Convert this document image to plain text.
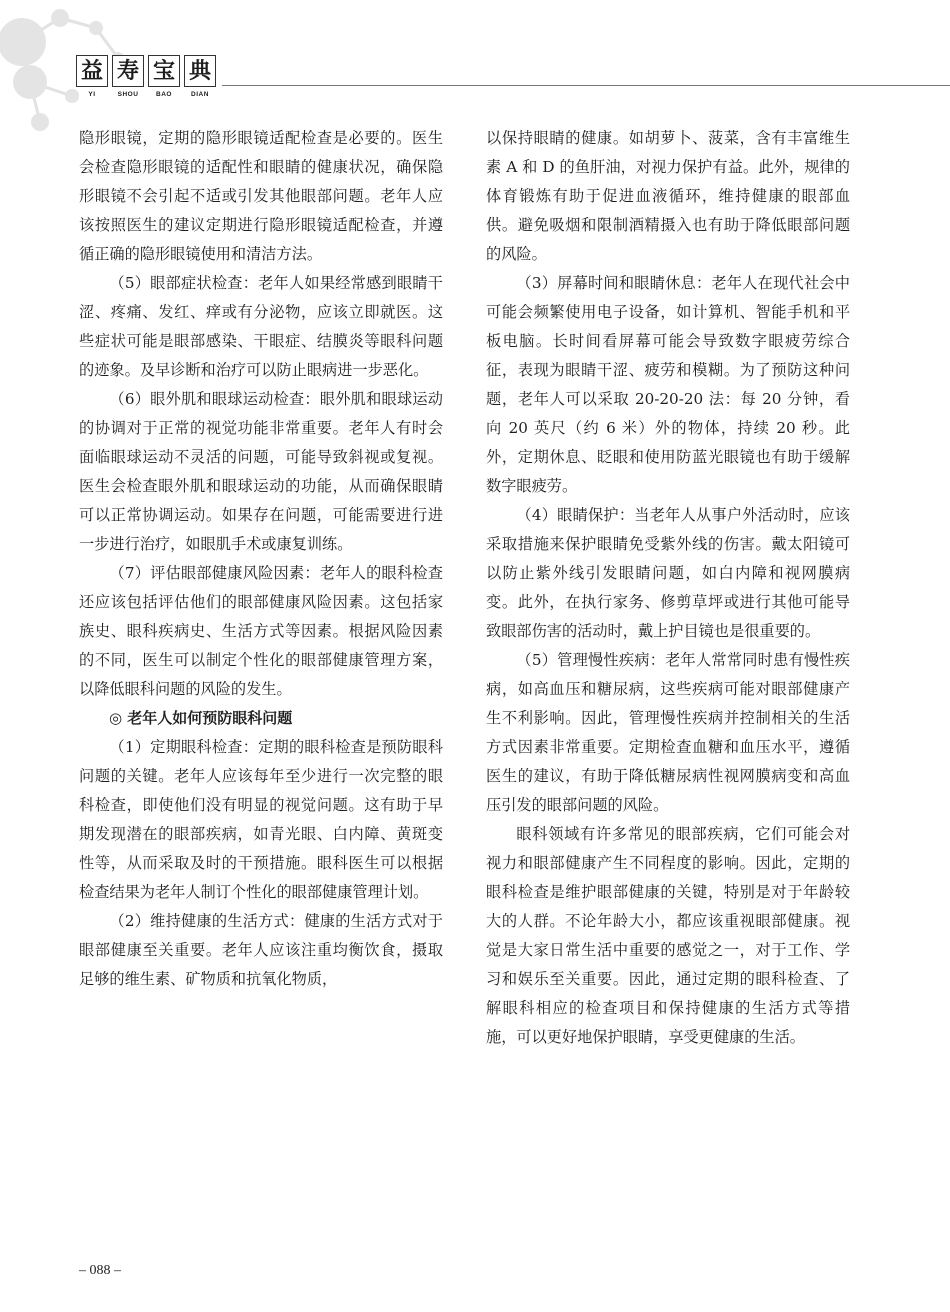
益 寿 宝 典
YI	SHOU	BAO	DIAN

隐形眼镜，定期的隐形眼镜适配检查是必要的。医生会检查隐形眼镜的适配性和眼睛的健康状况，确保隐形眼镜不会引起不适或引发其他眼部问题。老年人应该按照医生的建议定期进行隐形眼镜适配检查，并遵循正确的隐形眼镜使用和清洁方法。

（5）眼部症状检查：老年人如果经常感到眼睛干涩、疼痛、发红、痒或有分泌物，应该立即就医。这些症状可能是眼部感染、干眼症、结膜炎等眼科问题的迹象。及早诊断和治疗可以防止眼病进一步恶化。

（6）眼外肌和眼球运动检查：眼外肌和眼球运动的协调对于正常的视觉功能非常重要。老年人有时会面临眼球运动不灵活的问题，可能导致斜视或复视。医生会检查眼外肌和眼球运动的功能，从而确保眼睛可以正常协调运动。如果存在问题，可能需要进行进一步进行治疗，如眼肌手术或康复训练。

（7）评估眼部健康风险因素：老年人的眼科检查还应该包括评估他们的眼部健康风险因素。这包括家族史、眼科疾病史、生活方式等因素。根据风险因素的不同，医生可以制定个性化的眼部健康管理方案，以降低眼科问题的风险的发生。

◎ 老年人如何预防眼科问题

（1）定期眼科检查：定期的眼科检查是预防眼科问题的关键。老年人应该每年至少进行一次完整的眼科检查，即使他们没有明显的视觉问题。这有助于早期发现潜在的眼部疾病，如青光眼、白内障、黄斑变性等，从而采取及时的干预措施。眼科医生可以根据检查结果为老年人制订个性化的眼部健康管理计划。

（2）维持健康的生活方式：健康的生活方式对于眼部健康至关重要。老年人应该注重均衡饮食，摄取足够的维生素、矿物质和抗氧化物质，

以保持眼睛的健康。如胡萝卜、菠菜，含有丰富维生素 A 和 D 的鱼肝油，对视力保护有益。此外，规律的体育锻炼有助于促进血液循环，维持健康的眼部血供。避免吸烟和限制酒精摄入也有助于降低眼部问题的风险。

（3）屏幕时间和眼睛休息：老年人在现代社会中可能会频繁使用电子设备，如计算机、智能手机和平板电脑。长时间看屏幕可能会导致数字眼疲劳综合征，表现为眼睛干涩、疲劳和模糊。为了预防这种问题，老年人可以采取 20-20-20 法：每 20 分钟，看向 20 英尺（约 6 米）外的物体，持续 20 秒。此外，定期休息、眨眼和使用防蓝光眼镜也有助于缓解数字眼疲劳。

（4）眼睛保护：当老年人从事户外活动时，应该采取措施来保护眼睛免受紫外线的伤害。戴太阳镜可以防止紫外线引发眼睛问题，如白内障和视网膜病变。此外，在执行家务、修剪草坪或进行其他可能导致眼部伤害的活动时，戴上护目镜也是很重要的。

（5）管理慢性疾病：老年人常常同时患有慢性疾病，如高血压和糖尿病，这些疾病可能对眼部健康产生不利影响。因此，管理慢性疾病并控制相关的生活方式因素非常重要。定期检查血糖和血压水平，遵循医生的建议，有助于降低糖尿病性视网膜病变和高血压引发的眼部问题的风险。

眼科领域有许多常见的眼部疾病，它们可能会对视力和眼部健康产生不同程度的影响。因此，定期的眼科检查是维护眼部健康的关键，特别是对于年龄较大的人群。不论年龄大小，都应该重视眼部健康。视觉是大家日常生活中重要的感觉之一，对于工作、学习和娱乐至关重要。因此，通过定期的眼科检查、了解眼科相应的检查项目和保持健康的生活方式等措施，可以更好地保护眼睛，享受更健康的生活。

– 088 –
